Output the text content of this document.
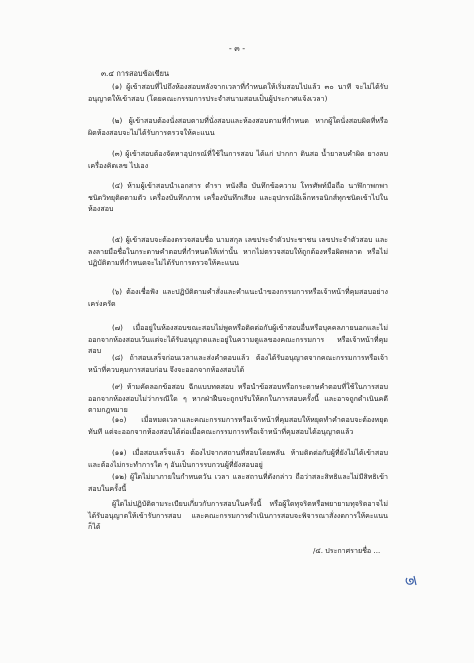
- ๓ -
๓.๔ การสอบข้อเขียน
(๑) ผู้เข้าสอบที่ไปถึงห้องสอบหลังจากเวลาที่กำหนดให้เริ่มสอบไปแล้ว ๓๐ นาที จะไม่ได้รับอนุญาตให้เข้าสอบ (โดยคณะกรรมการประจำสนามสอบเป็นผู้ประกาศแจ้งเวลา)
(๒) ผู้เข้าสอบต้องนั่งสอบตามที่นั่งสอบและห้องสอบตามที่กำหนด หากผู้ใดนั่งสอบผิดที่หรือผิดห้องสอบจะไม่ได้รับการตรวจให้คะแนน
(๓) ผู้เข้าสอบต้องจัดหาอุปกรณ์ที่ใช้ในการสอบ ได้แก่ ปากกา ดินสอ น้ำยาลบคำผิด ยางลบ เครื่องคิดเลข ไปเอง
(๔) ห้ามผู้เข้าสอบนำเอกสาร ตำรา หนังสือ บันทึกข้อความ โทรศัพท์มือถือ นาฬิกาพกพาชนิดวิทยุติดตามตัว เครื่องบันทึกภาพ เครื่องบันทึกเสียง และอุปกรณ์อิเล็กทรอนิกส์ทุกชนิดเข้าไปในห้องสอบ
(๕) ผู้เข้าสอบจะต้องตรวจสอบชื่อ นามสกุล เลขประจำตัวประชาชน เลขประจำตัวสอบ และลงลายมือชื่อในกระดาษคำตอบที่กำหนดให้เท่านั้น หากไม่ตรวจสอบให้ถูกต้องหรือผิดพลาด หรือไม่ปฏิบัติตามที่กำหนดจะไม่ได้รับการตรวจให้คะแนน
(๖) ต้องเชื่อฟัง และปฏิบัติตามคำสั่งและคำแนะนำของกรรมการหรือเจ้าหน้าที่คุมสอบอย่างเคร่งครัด
(๗) เมื่ออยู่ในห้องสอบขณะสอบไม่พูดหรือติดต่อกับผู้เข้าสอบอื่นหรือบุคคลภายนอกและไม่ออกจากห้องสอบเว้นแต่จะได้รับอนุญาตและอยู่ในความดูแลของคณะกรรมการ หรือเจ้าหน้าที่คุมสอบ
(๘) ถ้าสอบเสร็จก่อนเวลาและส่งคำตอบแล้ว ต้องได้รับอนุญาตจากคณะกรรมการหรือเจ้าหน้าที่ควบคุมการสอบก่อน จึงจะออกจากห้องสอบได้
(๙) ห้ามคัดลอกข้อสอบ ฉีกแบบทดสอบ หรือนำข้อสอบหรือกระดาษคำตอบที่ใช้ในการสอบออกจากห้องสอบไม่ว่ากรณีใด ๆ หากฝ่าฝืนจะถูกปรับให้ตกในการสอบครั้งนี้ และอาจถูกดำเนินคดีตามกฎหมาย
(๑๐) เมื่อหมดเวลาและคณะกรรมการหรือเจ้าหน้าที่คุมสอบให้หยุดทำคำตอบจะต้องหยุดทันที แต่จะออกจากห้องสอบได้ต่อเมื่อคณะกรรมการหรือเจ้าหน้าที่คุมสอบได้อนุญาตแล้ว
(๑๑) เมื่อสอบเสร็จแล้ว ต้องไปจากสถานที่สอบโดยพลัน ห้ามติดต่อกับผู้ที่ยังไม่ได้เข้าสอบและต้องไม่กระทำการใด ๆ อันเป็นการรบกวนผู้ที่ยังสอบอยู่
(๑๒) ผู้ใดไม่มาภายในกำหนดวัน เวลา และสถานที่ดังกล่าว ถือว่าสละสิทธิและไม่มีสิทธิเข้าสอบในครั้งนี้
ผู้ใดไม่ปฏิบัติตามระเบียบเกี่ยวกับการสอบในครั้งนี้ หรือผู้ใดทุจริตหรือพยายามทุจริตอาจไม่ได้รับอนุญาตให้เข้ารับการสอบ และคณะกรรมการดำเนินการสอบจะพิจารณาสั่งงดการให้คะแนนก็ได้
/๔. ประกาศรายชื่อ ...
